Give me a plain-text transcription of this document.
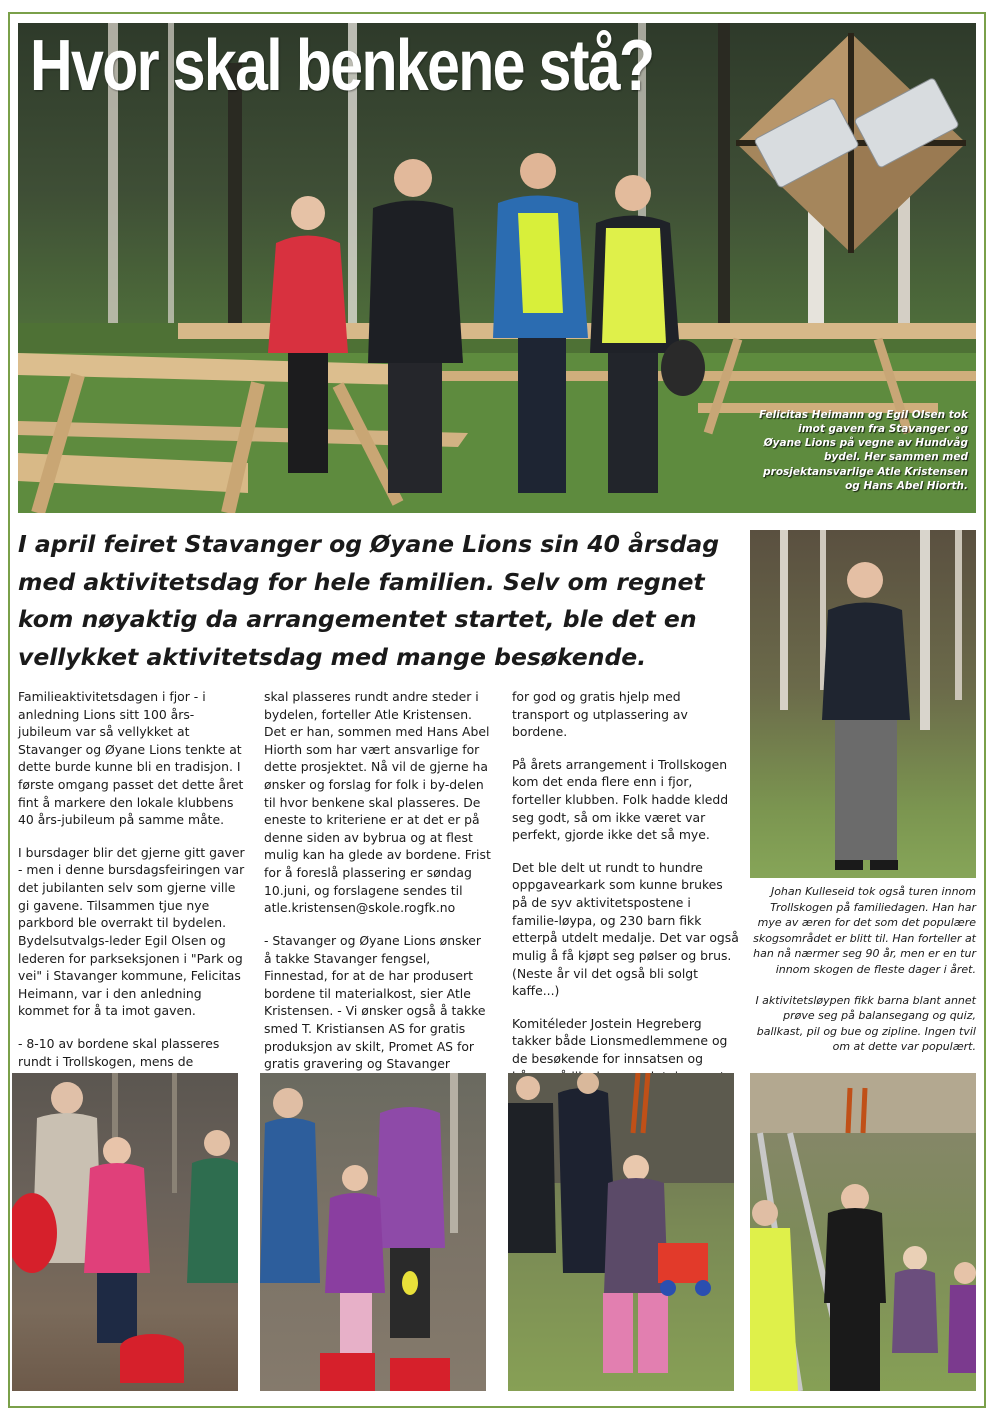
Hvor skal benkene stå?
Felicitas Heimann og Egil Olsen tok imot gaven fra Stavanger og Øyane Lions på vegne av Hundvåg bydel. Her sammen med prosjektansvarlige Atle Kristensen og Hans Abel Hiorth.
I april feiret Stavanger og Øyane Lions sin 40 årsdag med aktivitetsdag for hele familien. Selv om regnet kom nøyaktig da arrangementet startet, ble det en vellykket aktivitetsdag med mange besøkende.

Familieaktivitetsdagen i fjor - i anledning Lions sitt 100 års-jubileum var så vellykket at Stavanger og Øyane Lions tenkte at dette burde kunne bli en tradisjon. I første omgang passet det dette året fint å markere den lokale klubbens 40 års-jubileum på samme måte.

I bursdager blir det gjerne gitt gaver - men i denne bursdagsfeiringen var det jubilanten selv som gjerne ville gi gavene. Tilsammen tjue nye parkbord ble overrakt til bydelen. Bydelsutvalgs-leder Egil Olsen og lederen for parkseksjonen i "Park og vei" i Stavanger kommune, Felicitas Heimann, var i den anledning kommet for å ta imot gaven.

- 8-10 av bordene skal plasseres rundt i Trollskogen, mens de

skal plasseres rundt andre steder i bydelen, forteller Atle Kristensen. Det er han, sommen med Hans Abel Hiorth som har vært ansvarlige for dette prosjektet. Nå vil de gjerne ha ønsker og forslag for folk i by-delen til hvor benkene skal plasseres. De eneste to kriteriene er at det er på denne siden av bybrua og at flest mulig kan ha glede av bordene. Frist for å foreslå plassering er søndag 10.juni, og forslagene sendes til atle.kristensen@skole.rogfk.no

- Stavanger og Øyane Lions ønsker å takke Stavanger fengsel, Finnestad, for at de har produsert bordene til materialkost, sier Atle Kristensen. - Vi ønsker også å takke smed T. Kristiansen AS for gratis produksjon av skilt, Promet AS for gratis gravering og Stavanger

for god og gratis hjelp med transport og utplassering av bordene.

På årets arrangement i Trollskogen kom det enda flere enn i fjor, forteller klubben. Folk hadde kledd seg godt, så om ikke været var perfekt, gjorde ikke det så mye.

Det ble delt ut rundt to hundre oppgavearkark som kunne brukes på de syv aktivitetspostene i familie-løypa, og 230 barn fikk etterpå utdelt medalje. Det var også mulig å få kjøpt seg pølser og brus. (Neste år vil det også bli solgt kaffe...)

Komitéleder Jostein Hegreberg takker både Lionsmedlemmene og de besøkende for innsatsen og

Johan Kulleseid tok også turen innom Trollskogen på familiedagen. Han har mye av æren for det som det populære skogsområdet er blitt til. Han forteller at han nå nærmer seg 90 år, men er en tur innom skogen de fleste dager i året.

I aktivitetsløypen fikk barna blant annet prøve seg på balansegang og quiz, ballkast, pil og bue og zipline. Ingen tvil om at dette var populært.
